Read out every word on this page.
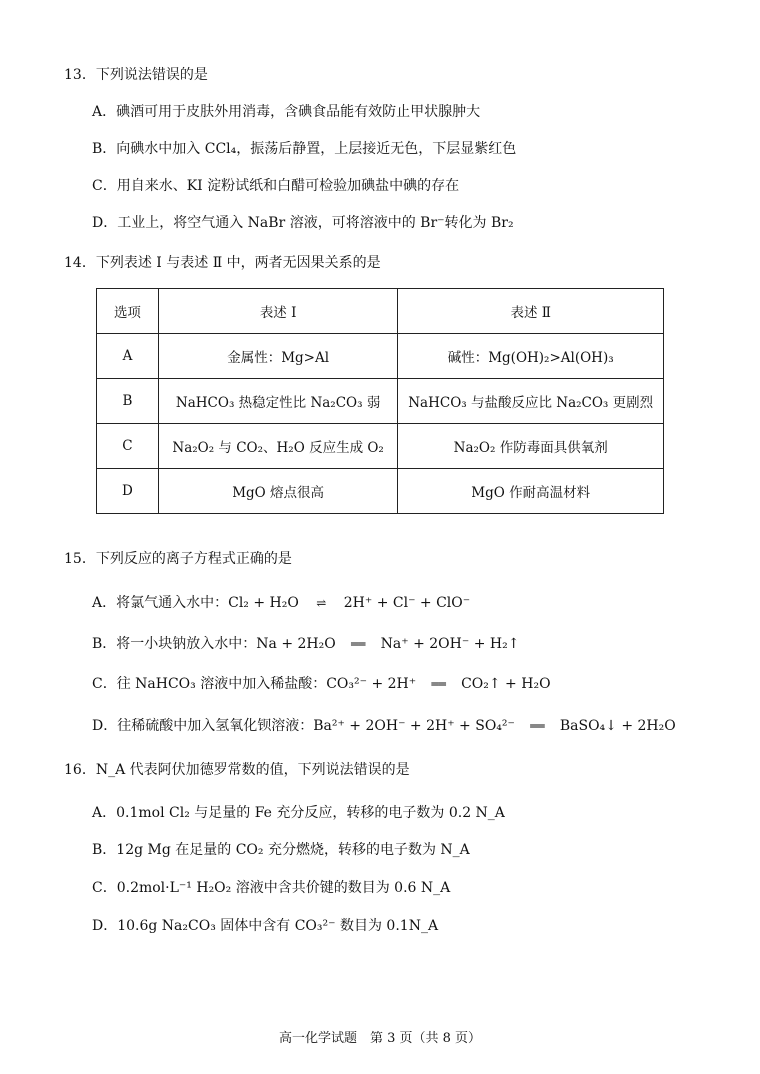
13．下列说法错误的是
A．碘酒可用于皮肤外用消毒，含碘食品能有效防止甲状腺肿大
B．向碘水中加入 CCl₄，振荡后静置，上层接近无色，下层显紫红色
C．用自来水、KI 淀粉试纸和白醋可检验加碘盐中碘的存在
D．工业上，将空气通入 NaBr 溶液，可将溶液中的 Br⁻转化为 Br₂
14．下列表述 Ⅰ 与表述 Ⅱ 中，两者无因果关系的是
选项	表述 Ⅰ	表述 Ⅱ
A	金属性：Mg>Al	碱性：Mg(OH)₂>Al(OH)₃
B	NaHCO₃ 热稳定性比 Na₂CO₃ 弱	NaHCO₃ 与盐酸反应比 Na₂CO₃ 更剧烈
C	Na₂O₂ 与 CO₂、H₂O 反应生成 O₂	Na₂O₂ 作防毒面具供氧剂
D	MgO 熔点很高	MgO 作耐高温材料
15．下列反应的离子方程式正确的是
A．将氯气通入水中：Cl₂ + H₂O ⇌ 2H⁺ + Cl⁻ + ClO⁻
B．将一小块钠放入水中：Na + 2H₂O ══ Na⁺ + 2OH⁻ + H₂↑
C．往 NaHCO₃ 溶液中加入稀盐酸：CO₃²⁻ + 2H⁺ ══ CO₂↑ + H₂O
D．往稀硫酸中加入氢氧化钡溶液：Ba²⁺ + 2OH⁻ + 2H⁺ + SO₄²⁻ ══ BaSO₄↓ + 2H₂O
16．N_A 代表阿伏加德罗常数的值，下列说法错误的是
A．0.1mol Cl₂ 与足量的 Fe 充分反应，转移的电子数为 0.2 N_A
B．12g Mg 在足量的 CO₂ 充分燃烧，转移的电子数为 N_A
C．0.2mol·L⁻¹ H₂O₂ 溶液中含共价键的数目为 0.6 N_A
D．10.6g Na₂CO₃ 固体中含有 CO₃²⁻ 数目为 0.1N_A
高一化学试题　第 3 页（共 8 页）
